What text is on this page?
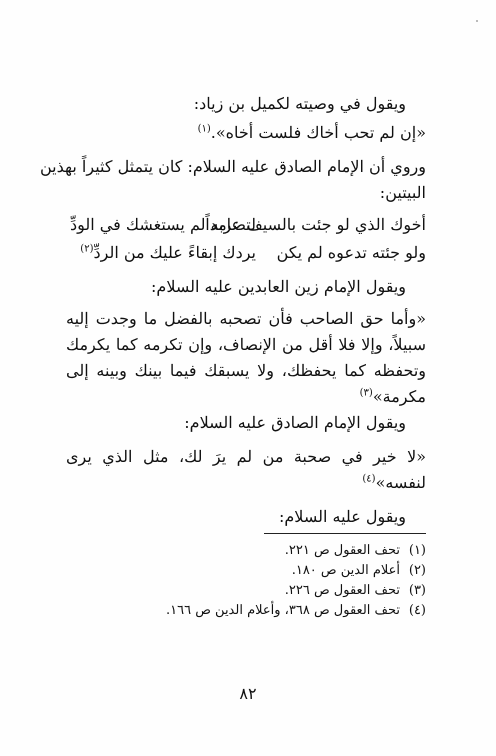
ويقول في وصيته لكميل بن زياد:
«إن لم تحب أخاك فلست أخاه».$^{(١)}$
وروي أن الإمام الصادق عليه السلام: كان يتمثل كثيراً بهذين
البيتين:
أخوك الذي لو جئت بالسيف عامداً
لتضربه لم يستغشك في الودِّ
ولو جئته تدعوه لم يكن
يردك إبقاءً عليك من الردِّ$^{(٢)}$
ويقول الإمام زين العابدين عليه السلام:
«وأما حق الصاحب فأن تصحبه بالفضل ما وجدت إليه
سبيلاً، وإلا فلا أقل من الإنصاف، وإن تكرمه كما يكرمك
وتحفظه كما يحفظك، ولا يسبقك فيما بينك وبينه إلى
مكرمة»$^{(٣)}$
ويقول الإمام الصادق عليه السلام:
«لا خير في صحبة من لم يرَ لك، مثل الذي يرى
لنفسه»$^{(٤)}$
ويقول عليه السلام:
(١)تحف العقول ص ٢٢١.
(٢)أعلام الدين ص ١٨٠.
(٣)تحف العقول ص ٢٢٦.
(٤)تحف العقول ص ٣٦٨، وأعلام الدين ص ١٦٦.
٨٢
